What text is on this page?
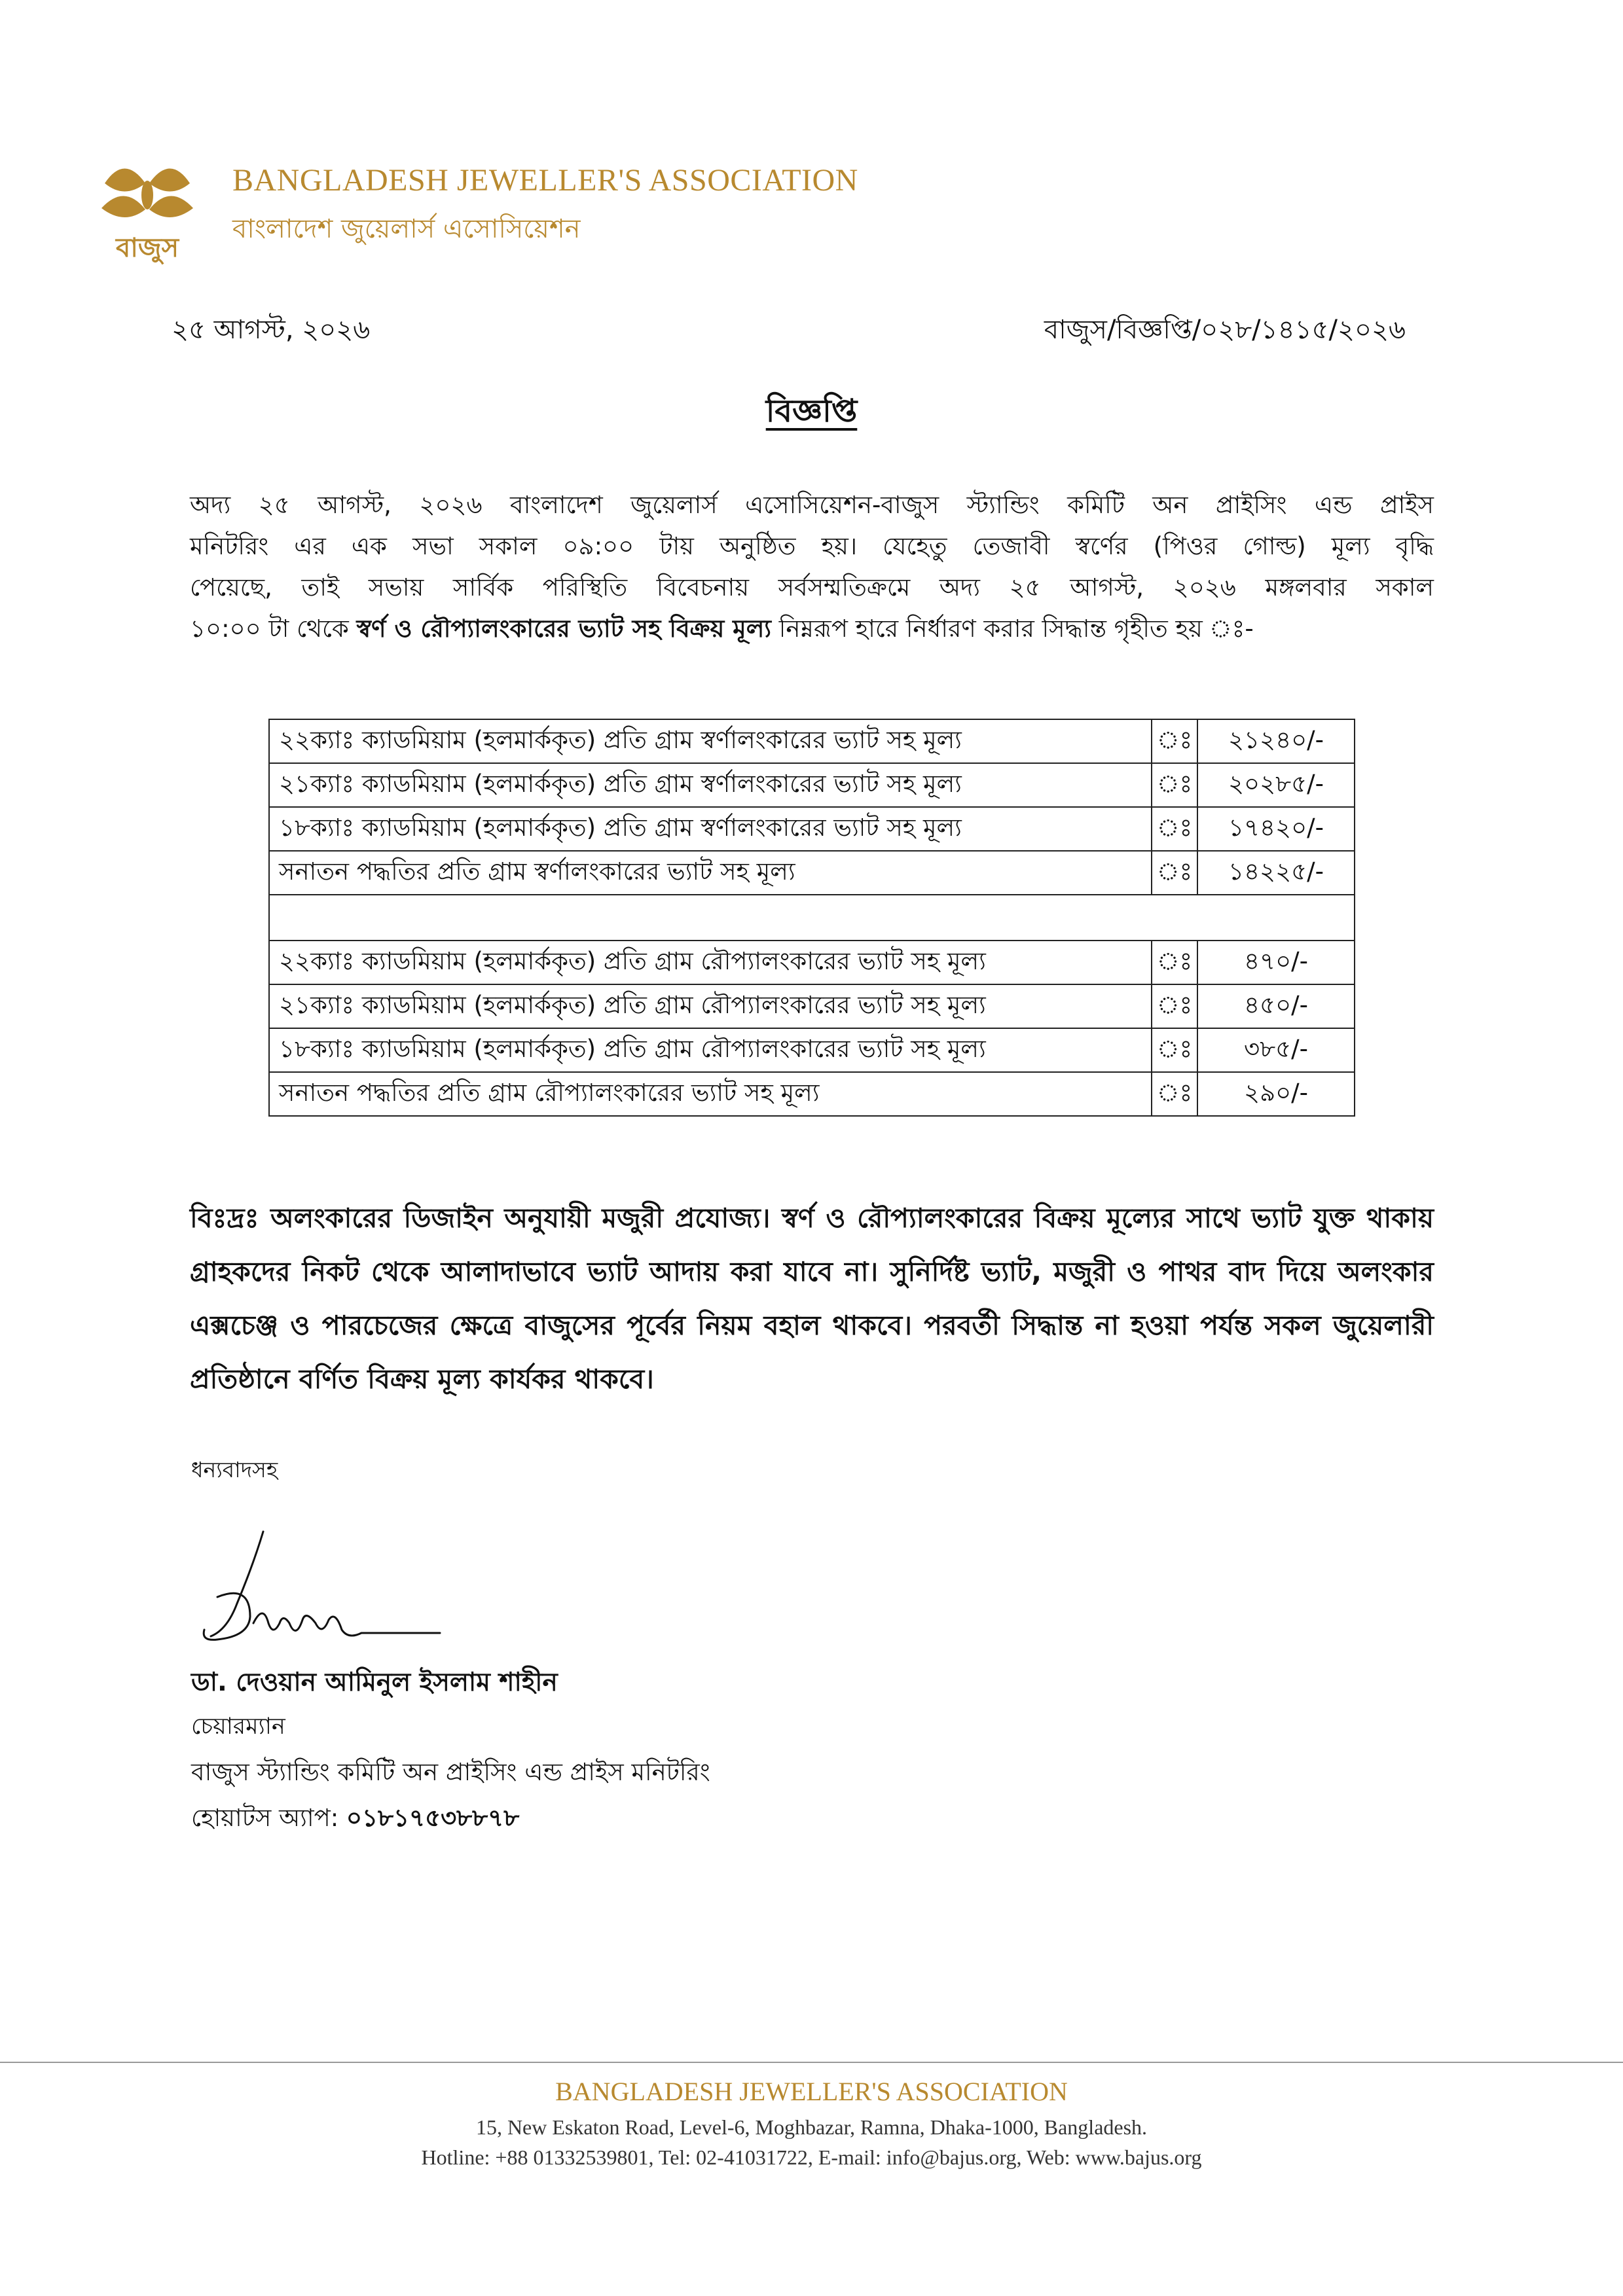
বাজুস
BANGLADESH JEWELLER'S ASSOCIATION
বাংলাদেশ জুয়েলার্স এসোসিয়েশন
২৫ আগস্ট, ২০২৬	বাজুস/বিজ্ঞপ্তি/০২৮/১৪১৫/২০২৬
বিজ্ঞপ্তি
অদ্য ২৫ আগস্ট, ২০২৬ বাংলাদেশ জুয়েলার্স এসোসিয়েশন-বাজুস স্ট্যান্ডিং কমিটি অন প্রাইসিং এন্ড প্রাইস
মনিটরিং এর এক সভা সকাল ০৯:০০ টায় অনুষ্ঠিত হয়। যেহেতু তেজাবী স্বর্ণের (পিওর গোল্ড) মূল্য বৃদ্ধি
পেয়েছে, তাই সভায় সার্বিক পরিস্থিতি বিবেচনায় সর্বসম্মতিক্রমে অদ্য ২৫ আগস্ট, ২০২৬ মঙ্গলবার সকাল
১০:০০ টা থেকে স্বর্ণ ও রৌপ্যালংকারের ভ্যাট সহ বিক্রয় মূল্য নিম্নরূপ হারে নির্ধারণ করার সিদ্ধান্ত গৃহীত হয় ঃ-
২২ক্যাঃ ক্যাডমিয়াম (হলমার্ককৃত) প্রতি গ্রাম স্বর্ণালংকারের ভ্যাট সহ মূল্য	ঃ	২১২৪০/-
২১ক্যাঃ ক্যাডমিয়াম (হলমার্ককৃত) প্রতি গ্রাম স্বর্ণালংকারের ভ্যাট সহ মূল্য	ঃ	২০২৮৫/-
১৮ক্যাঃ ক্যাডমিয়াম (হলমার্ককৃত) প্রতি গ্রাম স্বর্ণালংকারের ভ্যাট সহ মূল্য	ঃ	১৭৪২০/-
সনাতন পদ্ধতির প্রতি গ্রাম স্বর্ণালংকারের ভ্যাট সহ মূল্য	ঃ	১৪২২৫/-

২২ক্যাঃ ক্যাডমিয়াম (হলমার্ককৃত) প্রতি গ্রাম রৌপ্যালংকারের ভ্যাট সহ মূল্য	ঃ	৪৭০/-
২১ক্যাঃ ক্যাডমিয়াম (হলমার্ককৃত) প্রতি গ্রাম রৌপ্যালংকারের ভ্যাট সহ মূল্য	ঃ	৪৫০/-
১৮ক্যাঃ ক্যাডমিয়াম (হলমার্ককৃত) প্রতি গ্রাম রৌপ্যালংকারের ভ্যাট সহ মূল্য	ঃ	৩৮৫/-
সনাতন পদ্ধতির প্রতি গ্রাম রৌপ্যালংকারের ভ্যাট সহ মূল্য	ঃ	২৯০/-
বিঃদ্রঃ অলংকারের ডিজাইন অনুযায়ী মজুরী প্রযোজ্য। স্বর্ণ ও রৌপ্যালংকারের বিক্রয় মূল্যের সাথে ভ্যাট যুক্ত থাকায় গ্রাহকদের নিকট থেকে আলাদাভাবে ভ্যাট আদায় করা যাবে না। সুনির্দিষ্ট ভ্যাট, মজুরী ও পাথর বাদ দিয়ে অলংকার এক্সচেঞ্জ ও পারচেজের ক্ষেত্রে বাজুসের পূর্বের নিয়ম বহাল থাকবে। পরবর্তী সিদ্ধান্ত না হওয়া পর্যন্ত সকল জুয়েলারী প্রতিষ্ঠানে বর্ণিত বিক্রয় মূল্য কার্যকর থাকবে।
ধন্যবাদসহ
ডা. দেওয়ান আমিনুল ইসলাম শাহীন
চেয়ারম্যান
বাজুস স্ট্যান্ডিং কমিটি অন প্রাইসিং এন্ড প্রাইস মনিটরিং
হোয়াটস অ্যাপ: ০১৮১৭৫৩৮৮৭৮
BANGLADESH JEWELLER'S ASSOCIATION
15, New Eskaton Road, Level-6, Moghbazar, Ramna, Dhaka-1000, Bangladesh.
Hotline: +88 01332539801, Tel: 02-41031722, E-mail: info@bajus.org, Web: www.bajus.org
